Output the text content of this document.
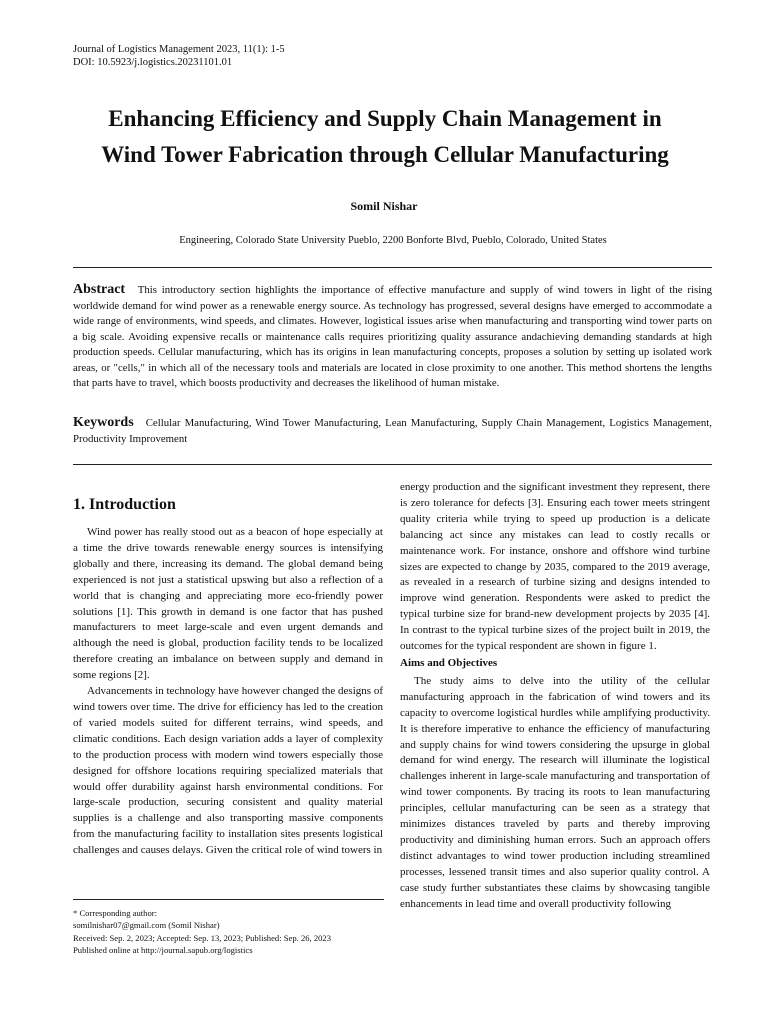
Journal of Logistics Management 2023, 11(1): 1-5
DOI: 10.5923/j.logistics.20231101.01
Enhancing Efficiency and Supply Chain Management in
Wind Tower Fabrication through Cellular Manufacturing
Somil Nishar
Engineering, Colorado State University Pueblo, 2200 Bonforte Blvd, Pueblo, Colorado, United States
Abstract This introductory section highlights the importance of effective manufacture and supply of wind towers in light of the rising worldwide demand for wind power as a renewable energy source. As technology has progressed, several designs have emerged to accommodate a wide range of environments, wind speeds, and climates. However, logistical issues arise when manufacturing and transporting wind tower parts on a big scale. Avoiding expensive recalls or maintenance calls requires prioritizing quality assurance andachieving demanding standards at high production speeds. Cellular manufacturing, which has its origins in lean manufacturing concepts, proposes a solution by setting up isolated work areas, or "cells," in which all of the necessary tools and materials are located in close proximity to one another. This method shortens the lengths that parts have to travel, which boosts productivity and decreases the likelihood of human mistake.
Keywords Cellular Manufacturing, Wind Tower Manufacturing, Lean Manufacturing, Supply Chain Management, Logistics Management, Productivity Improvement
1. Introduction

Wind power has really stood out as a beacon of hope especially at a time the drive towards renewable energy sources is intensifying globally and there, increasing its demand. The global demand being experienced is not just a statistical upswing but also a reflection of a world that is changing and appreciating more eco-friendly power solutions [1]. This growth in demand is one factor that has pushed manufacturers to meet large-scale and even urgent demands and although the need is global, production facility tends to be localized therefore creating an imbalance on between supply and demand in some regions [2].

Advancements in technology have however changed the designs of wind towers over time. The drive for efficiency has led to the creation of varied models suited for different terrains, wind speeds, and climatic conditions. Each design variation adds a layer of complexity to the production process with modern wind towers especially those designed for offshore locations requiring specialized materials that would offer durability against harsh environmental conditions. For large-scale production, securing consistent and quality material supplies is a challenge and also transporting massive components from the manufacturing facility to installation sites presents logistical challenges and causes delays. Given the critical role of wind towers in

energy production and the significant investment they represent, there is zero tolerance for defects [3]. Ensuring each tower meets stringent quality criteria while trying to speed up production is a delicate balancing act since any mistakes can lead to costly recalls or maintenance work. For instance, onshore and offshore wind turbine sizes are expected to change by 2035, compared to the 2019 average, as revealed in a research of turbine sizing and designs intended to improve wind generation. Respondents were asked to predict the typical turbine size for brand-new development projects by 2035 [4]. In contrast to the typical turbine sizes of the project built in 2019, the outcomes for the typical respondent are shown in figure 1.

Aims and Objectives

The study aims to delve into the utility of the cellular manufacturing approach in the fabrication of wind towers and its capacity to overcome logistical hurdles while amplifying productivity. It is therefore imperative to enhance the efficiency of manufacturing and supply chains for wind towers considering the upsurge in global demand for wind energy. The research will illuminate the logistical challenges inherent in large-scale manufacturing and transportation of wind tower components. By tracing its roots to lean manufacturing principles, cellular manufacturing can be seen as a strategy that minimizes distances traveled by parts and thereby improving productivity and diminishing human errors. Such an approach offers distinct advantages to wind tower production including streamlined processes, lessened transit times and also superior quality control. A case study further substantiates these claims by showcasing tangible enhancements in lead time and overall productivity following

* Corresponding author:
somilnishar07@gmail.com (Somil Nishar)
Received: Sep. 2, 2023; Accepted: Sep. 13, 2023; Published: Sep. 26, 2023
Published online at http://journal.sapub.org/logistics
